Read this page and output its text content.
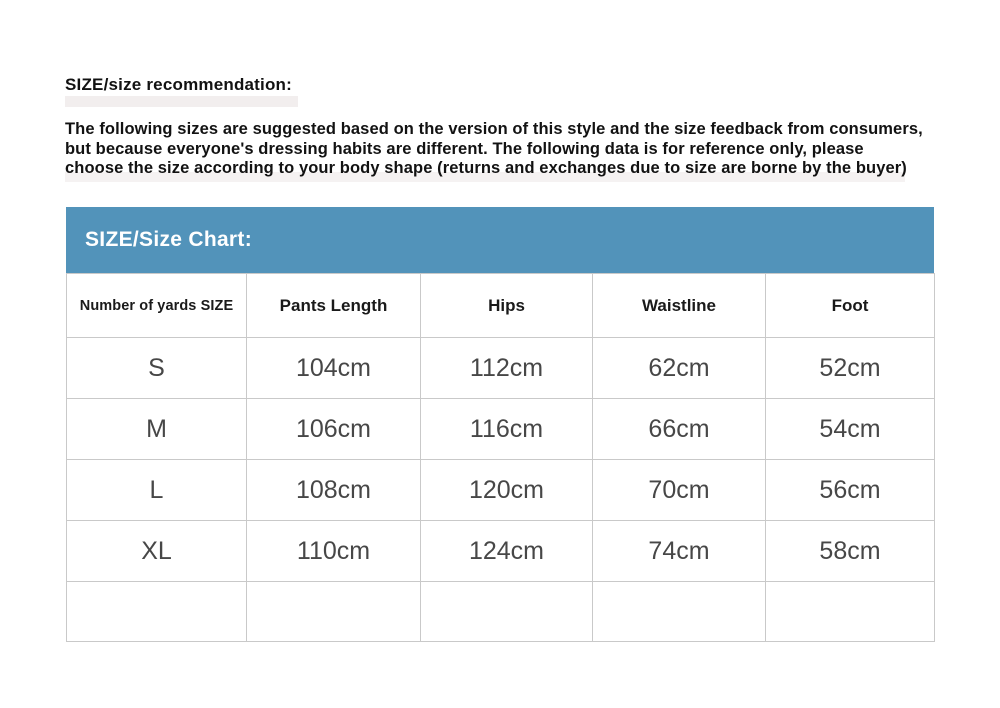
SIZE/size recommendation:
The following sizes are suggested based on the version of this style and the size feedback from consumers,
but because everyone's dressing habits are different. The following data is for reference only, please
choose the size according to your body shape (returns and exchanges due to size are borne by the buyer)
SIZE/Size Chart:
Number of yards SIZE	Pants Length	Hips	Waistline	Foot
S	104cm	112cm	62cm	52cm
M	106cm	116cm	66cm	54cm
L	108cm	120cm	70cm	56cm
XL	110cm	124cm	74cm	58cm
